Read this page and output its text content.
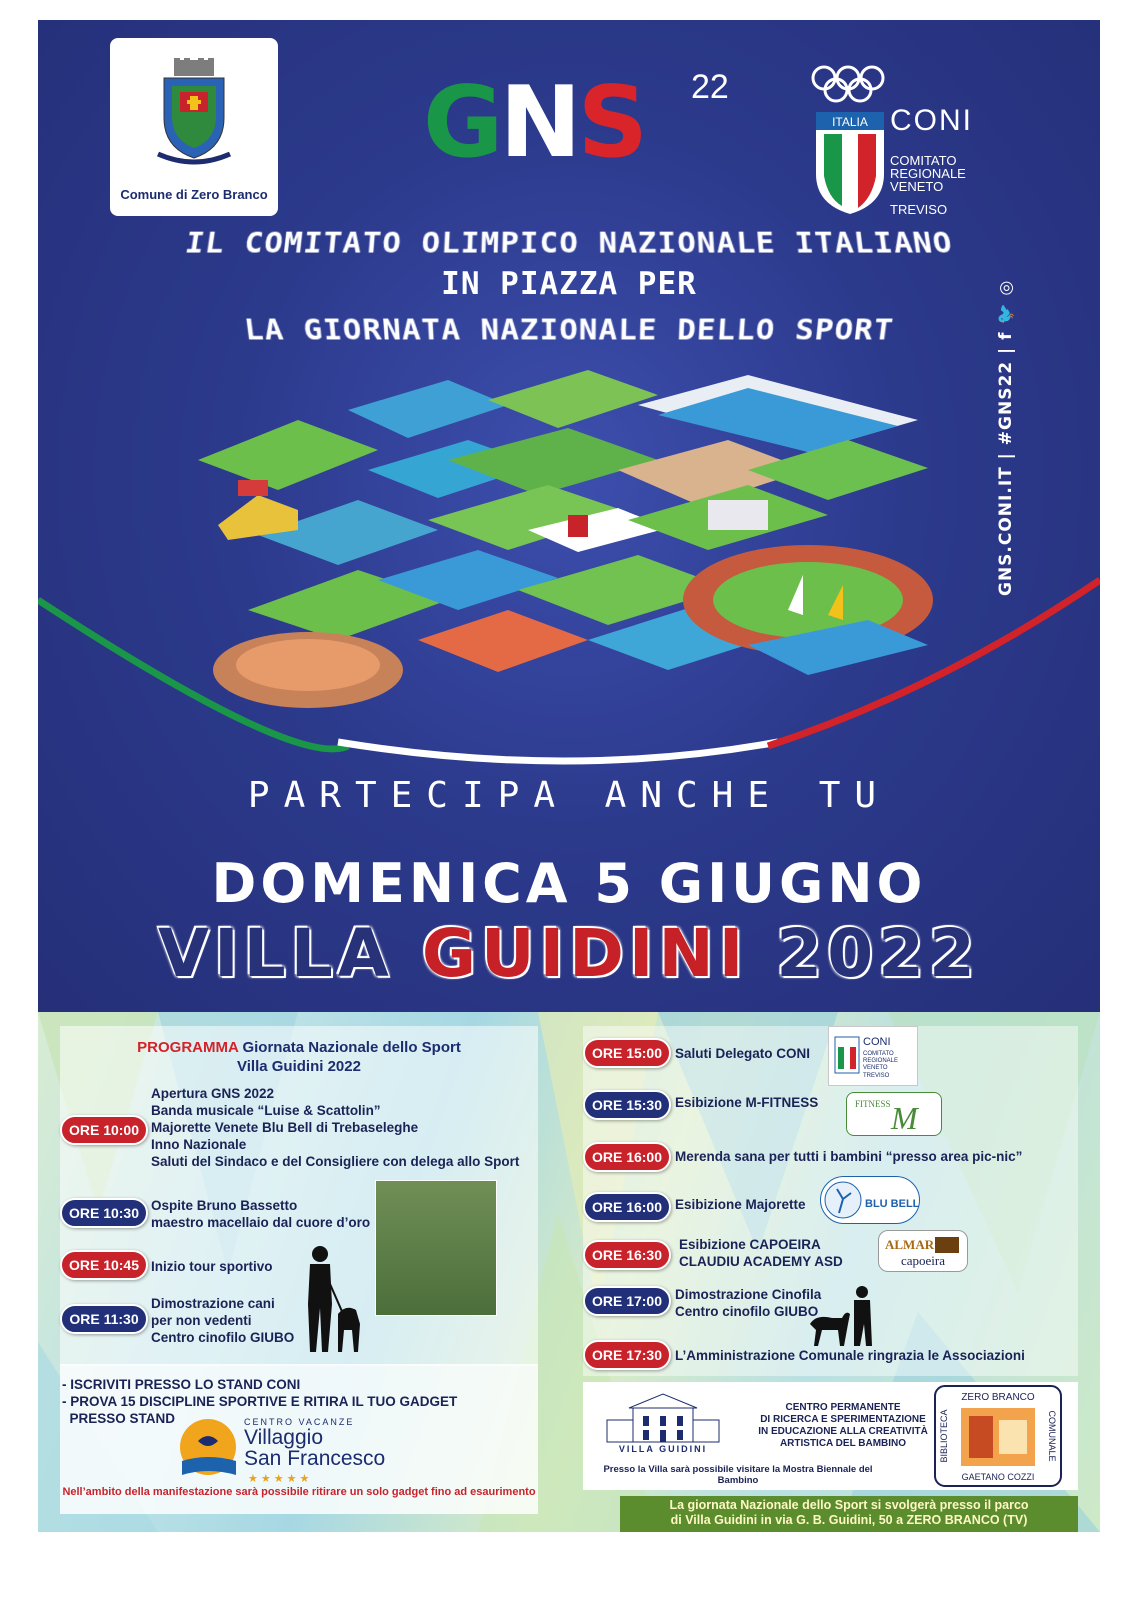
Comune di Zero Branco
GNS	22
ITALIA CONI
COMITATO
REGIONALE
VENETO
TREVISO
GNS.CONI.IT | #GNS22 | f 🐦 ◎
IL COMITATO OLIMPICO NAZIONALE ITALIANO
IN PIAZZA PER
LA GIORNATA NAZIONALE DELLO SPORT
PARTECIPA ANCHE TU
DOMENICA 5 GIUGNO
VILLA GUIDINI 2022
PROGRAMMA Giornata Nazionale dello Sport
Villa Guidini 2022
ORE 10:00
Apertura GNS 2022
Banda musicale “Luise & Scattolin”
Majorette Venete Blu Bell di Trebaseleghe
Inno Nazionale
Saluti del Sindaco e del Consigliere con delega allo Sport
ORE 10:30 Ospite Bruno Bassetto
maestro macellaio dal cuore d’oro
ORE 10:45 Inizio tour sportivo
ORE 11:30
Dimostrazione cani
per non vedenti
Centro cinofilo GIUBO
- ISCRIVITI PRESSO LO STAND CONI
- PROVA 15 DISCIPLINE SPORTIVE E RITIRA IL TUO GADGET
PRESSO STAND	CENTRO VACANZE
Villaggio
San Francesco
★★★★★
Nell’ambito della manifestazione sarà possibile ritirare un solo gadget fino ad esaurimento
ORE 15:00 Saluti Delegato CONI
CONI
COMITATO
REGIONALE
VENETO
TREVISO
ORE 15:30 Esibizione M-FITNESS	FITNESS M
ORE 16:00 Merenda sana per tutti i bambini “presso area pic-nic”
ORE 16:00 Esibizione Majorette	BLU BELL
ORE 16:30
Esibizione CAPOEIRA
CLAUDIU ACADEMY ASD
ALMAR
capoeira
ORE 17:00 Dimostrazione Cinofila
Centro cinofilo GIUBO
ORE 17:30 L’Amministrazione Comunale ringrazia le Associazioni
VILLA GUIDINI
CENTRO PERMANENTE
DI RICERCA E SPERIMENTAZIONE
IN EDUCAZIONE ALLA CREATIVITÀ
ARTISTICA DEL BAMBINO
Presso la Villa sarà possibile visitare la Mostra Biennale del Bambino
ZERO BRANCO
GAETANO COZZI
BIBLIOTECA	COMUNALE
La giornata Nazionale dello Sport si svolgerà presso il parco
di Villa Guidini in via G. B. Guidini, 50 a ZERO BRANCO (TV)
